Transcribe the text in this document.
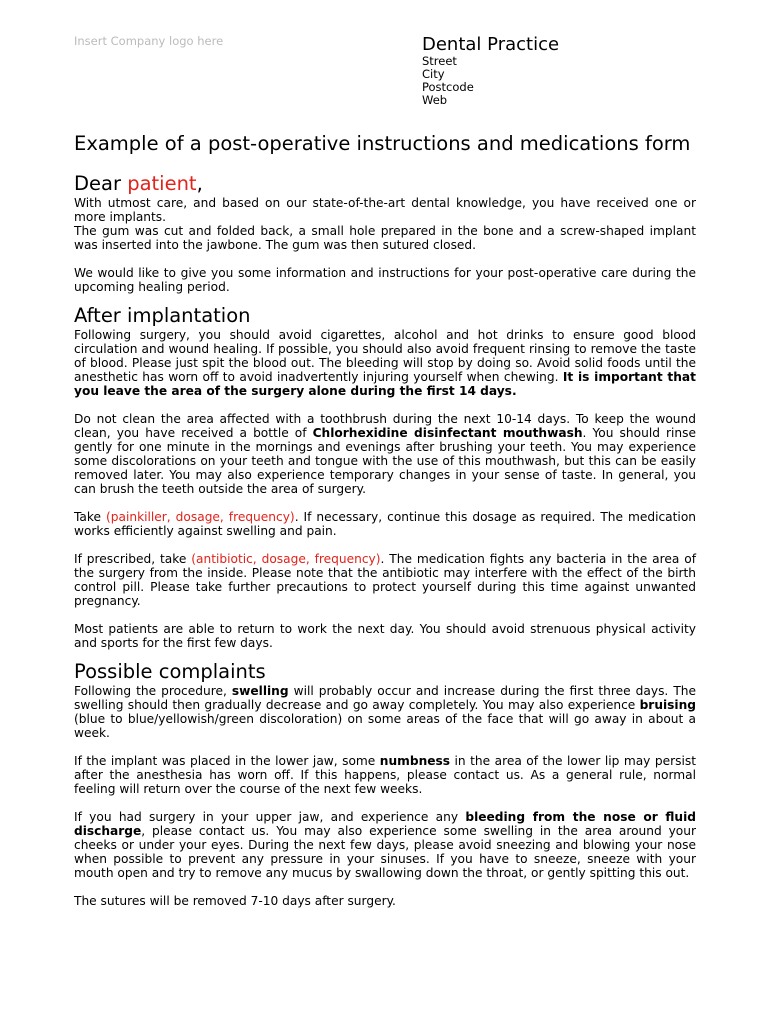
Insert Company logo here	Dental Practice
Street
City
Postcode
Web
Example of a post-operative instructions and medications form
Dear patient,

With utmost care, and based on our state-of-the-art dental knowledge, you have received one or more implants.

The gum was cut and folded back, a small hole prepared in the bone and a screw-shaped implant was inserted into the jawbone. The gum was then sutured closed.

We would like to give you some information and instructions for your post-operative care during the upcoming healing period.

After implantation

Following surgery, you should avoid cigarettes, alcohol and hot drinks to ensure good blood circulation and wound healing. If possible, you should also avoid frequent rinsing to remove the taste of blood. Please just spit the blood out. The bleeding will stop by doing so. Avoid solid foods until the anesthetic has worn off to avoid inadvertently injuring yourself when chewing. It is important that you leave the area of the surgery alone during the first 14 days.

Do not clean the area affected with a toothbrush during the next 10-14 days. To keep the wound clean, you have received a bottle of Chlorhexidine disinfectant mouthwash. You should rinse gently for one minute in the mornings and evenings after brushing your teeth. You may experience some discolorations on your teeth and tongue with the use of this mouthwash, but this can be easily removed later. You may also experience temporary changes in your sense of taste. In general, you can brush the teeth outside the area of surgery.

Take (painkiller, dosage, frequency). If necessary, continue this dosage as required. The medication works efficiently against swelling and pain.

If prescribed, take (antibiotic, dosage, frequency). The medication fights any bacteria in the area of the surgery from the inside. Please note that the antibiotic may interfere with the effect of the birth control pill. Please take further precautions to protect yourself during this time against unwanted pregnancy.

Most patients are able to return to work the next day. You should avoid strenuous physical activity and sports for the first few days.

Possible complaints

Following the procedure, swelling will probably occur and increase during the first three days. The swelling should then gradually decrease and go away completely. You may also experience bruising (blue to blue/yellowish/green discoloration) on some areas of the face that will go away in about a week.

If the implant was placed in the lower jaw, some numbness in the area of the lower lip may persist after the anesthesia has worn off. If this happens, please contact us. As a general rule, normal feeling will return over the course of the next few weeks.

If you had surgery in your upper jaw, and experience any bleeding from the nose or fluid discharge, please contact us. You may also experience some swelling in the area around your cheeks or under your eyes. During the next few days, please avoid sneezing and blowing your nose when possible to prevent any pressure in your sinuses. If you have to sneeze, sneeze with your mouth open and try to remove any mucus by swallowing down the throat, or gently spitting this out.

The sutures will be removed 7-10 days after surgery.
